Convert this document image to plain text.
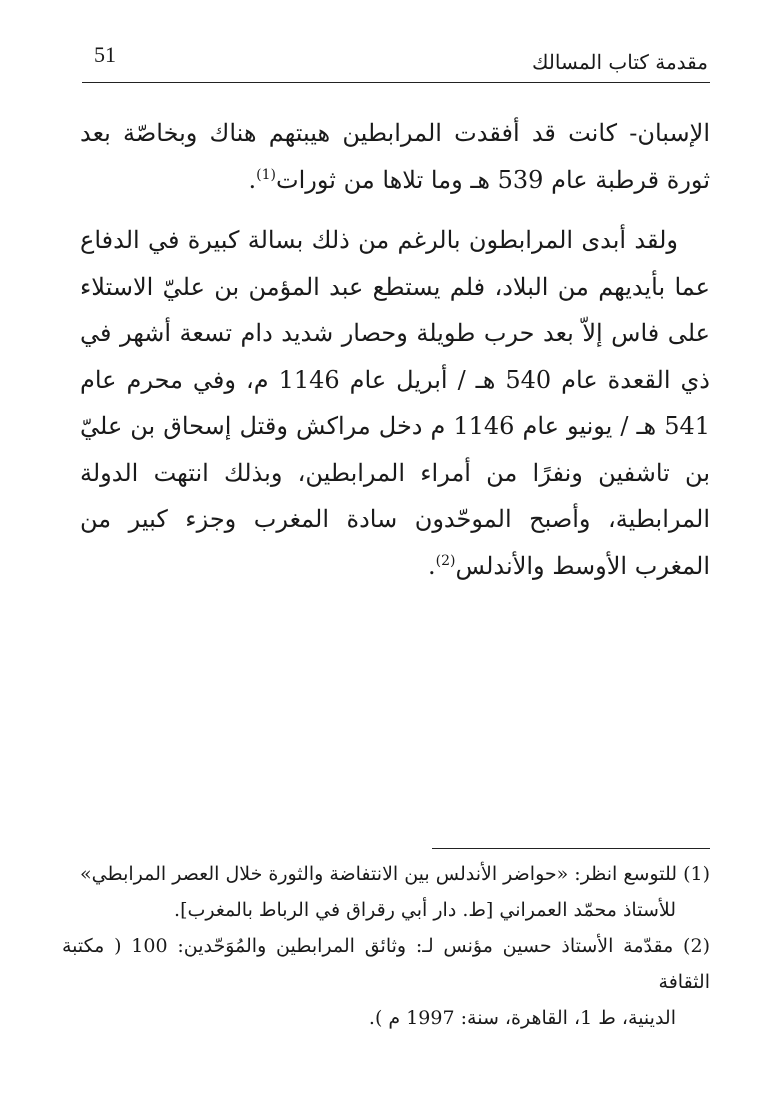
51	مقدمة كتاب المسالك

الإسبان- كانت قد أفقدت المرابطين هيبتهم هناك وبخاصّة بعد ثورة قرطبة عام 539 هـ وما تلاها من ثورات$^{(1)}$.

ولقد أبدى المرابطون بالرغم من ذلك بسالة كبيرة في الدفاع عما بأيديهم من البلاد، فلم يستطع عبد المؤمن بن عليّ الاستلاء على فاس إلاّ بعد حرب طويلة وحصار شديد دام تسعة أشهر في ذي القعدة عام 540 هـ / أبريل عام 1146 م، وفي محرم عام 541 هـ / يونيو عام 1146 م دخل مراكش وقتل إسحاق بن عليّ بن تاشفين ونفرًا من أمراء المرابطين، وبذلك انتهت الدولة المرابطية، وأصبح الموحّدون سادة المغرب وجزء كبير من المغرب الأوسط والأندلس$^{(2)}$.

(1) للتوسع انظر: «حواضر الأندلس بين الانتفاضة والثورة خلال العصر المرابطي»

للأستاذ محمّد العمراني [ط. دار أبي رقراق في الرباط بالمغرب].

(2) مقدّمة الأستاذ حسين مؤنس لـ: وثائق المرابطين والمُوَحّدين: 100 ( مكتبة الثقافة

الدينية، ط 1، القاهرة، سنة: 1997 م ).
